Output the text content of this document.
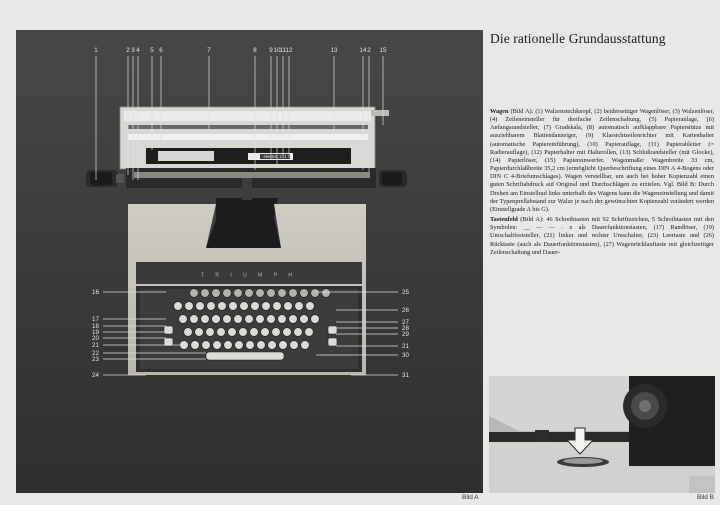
electric 131
T R I U M P H
1	2 3 4 5 6	7	8 9 10 11 12	13	14 2 15
16
17
18
19
20
21
22
23
24
25
26
27
28
29
21
30
31
Bild A
Die rationelle Grundausstattung

Wagen (Bild A): (1) Walzenstechknopf, (2) beiderseitiger Wagenlöser, (3) Walzenlöser, (4) Zeileneinsteller für dreifache Zeilenschaltung, (5) Papieranlage, (6) Anfangsrandsteller, (7) Gradskala, (8) automatisch aufklappbare Papierstütze mit ausziehbarem Blattendanzeiger, (9) Klarsichtzeilenrichter mit Kartenhalter (automatische Papiereinführung), (10) Papierauflage, (11) Papierableiter (= Radierauflage), (12) Papierhalter mit Halterollen, (13) Schlußrandsteller (mit Glocke), (14) Papierlöser, (15) Papiereinwerfer. Wagenmaße: Wagenbreite 33 cm, Papierdurchlaßbreite 35,2 cm (ermöglicht Querbeschriftung eines DIN A 4-Bogens oder DIN C 4-Briefumschlages). Wagen verstellbar, um auch bei hoher Kopienzahl einen guten Schriftabdruck auf Original und Durchschlägen zu erzielen. Vgl. Bild B: Durch Drehen am Einstellrad links unterhalb des Wagens kann die Wageneinstellung und damit der Typenprellabstand zur Walze je nach der gewünschten Kopienzahl verändert werden (Einstellgrade A bis G).

Tastenfeld (Bild A): 46 Schreibtasten mit 92 Schriftzeichen, 5 Schreibtasten mit den Symbolen: __ — — . x als Dauerfunktionstasten, (17) Randlöser, (19) Umschaltfeststeller, (21) linker und rechter Umschalter, (23) Leertaste und (26) Rücktaste (auch als Dauerfunktionstasten), (27) Wagenrücklauftaste mit gleichzeitiger Zeilenschaltung und Dauer-

Bild B
